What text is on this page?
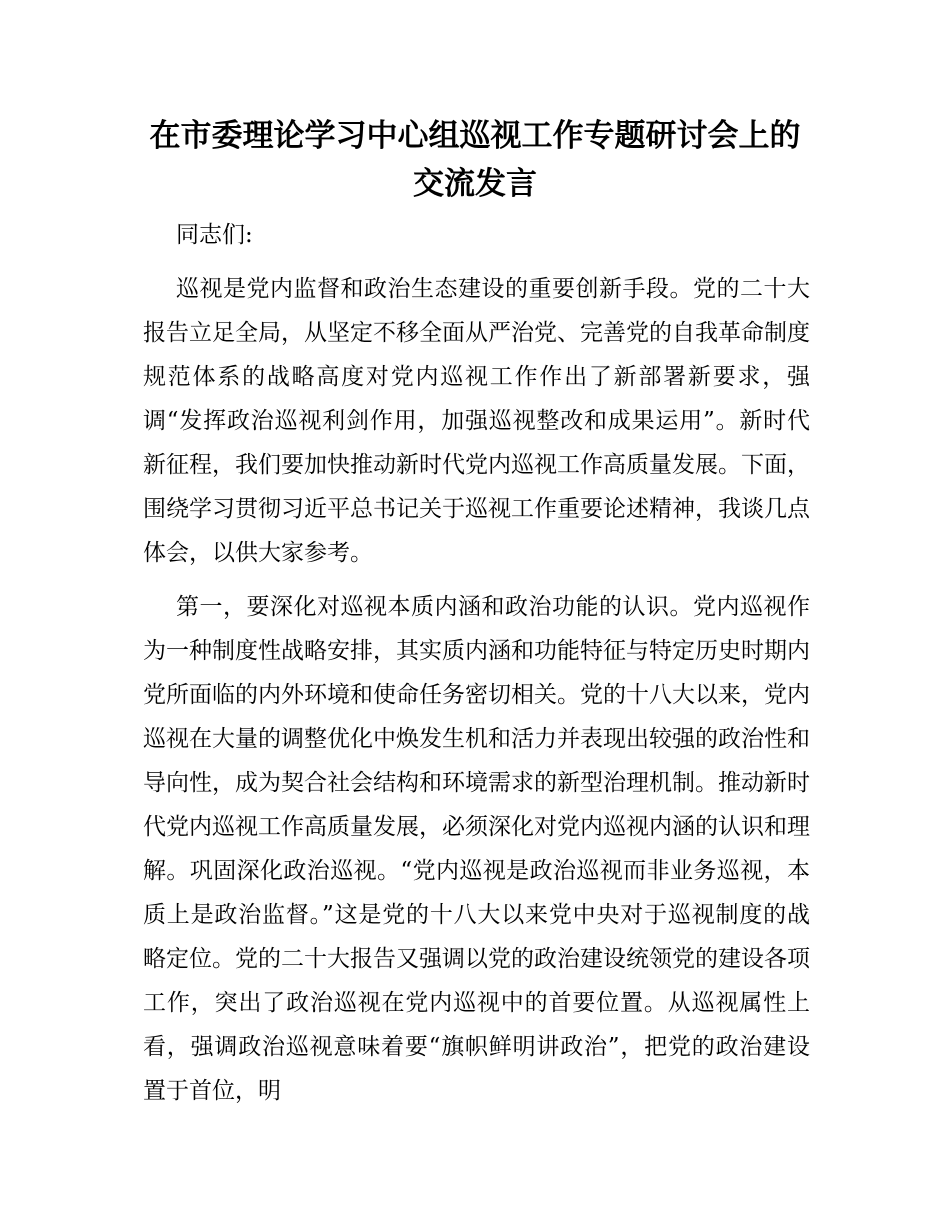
在市委理论学习中心组巡视工作专题研讨会上的交流发言

同志们:

巡视是党内监督和政治生态建设的重要创新手段。党的二十大报告立足全局，从坚定不移全面从严治党、完善党的自我革命制度规范体系的战略高度对党内巡视工作作出了新部署新要求，强调“发挥政治巡视利剑作用，加强巡视整改和成果运用”。新时代新征程，我们要加快推动新时代党内巡视工作高质量发展。下面，围绕学习贯彻习近平总书记关于巡视工作重要论述精神，我谈几点体会，以供大家参考。

第一，要深化对巡视本质内涵和政治功能的认识。党内巡视作为一种制度性战略安排，其实质内涵和功能特征与特定历史时期内党所面临的内外环境和使命任务密切相关。党的十八大以来，党内巡视在大量的调整优化中焕发生机和活力并表现出较强的政治性和导向性，成为契合社会结构和环境需求的新型治理机制。推动新时代党内巡视工作高质量发展，必须深化对党内巡视内涵的认识和理解。巩固深化政治巡视。“党内巡视是政治巡视而非业务巡视，本质上是政治监督。”这是党的十八大以来党中央对于巡视制度的战略定位。党的二十大报告又强调以党的政治建设统领党的建设各项工作，突出了政治巡视在党内巡视中的首要位置。从巡视属性上看，强调政治巡视意味着要“旗帜鲜明讲政治”，把党的政治建设置于首位，明
